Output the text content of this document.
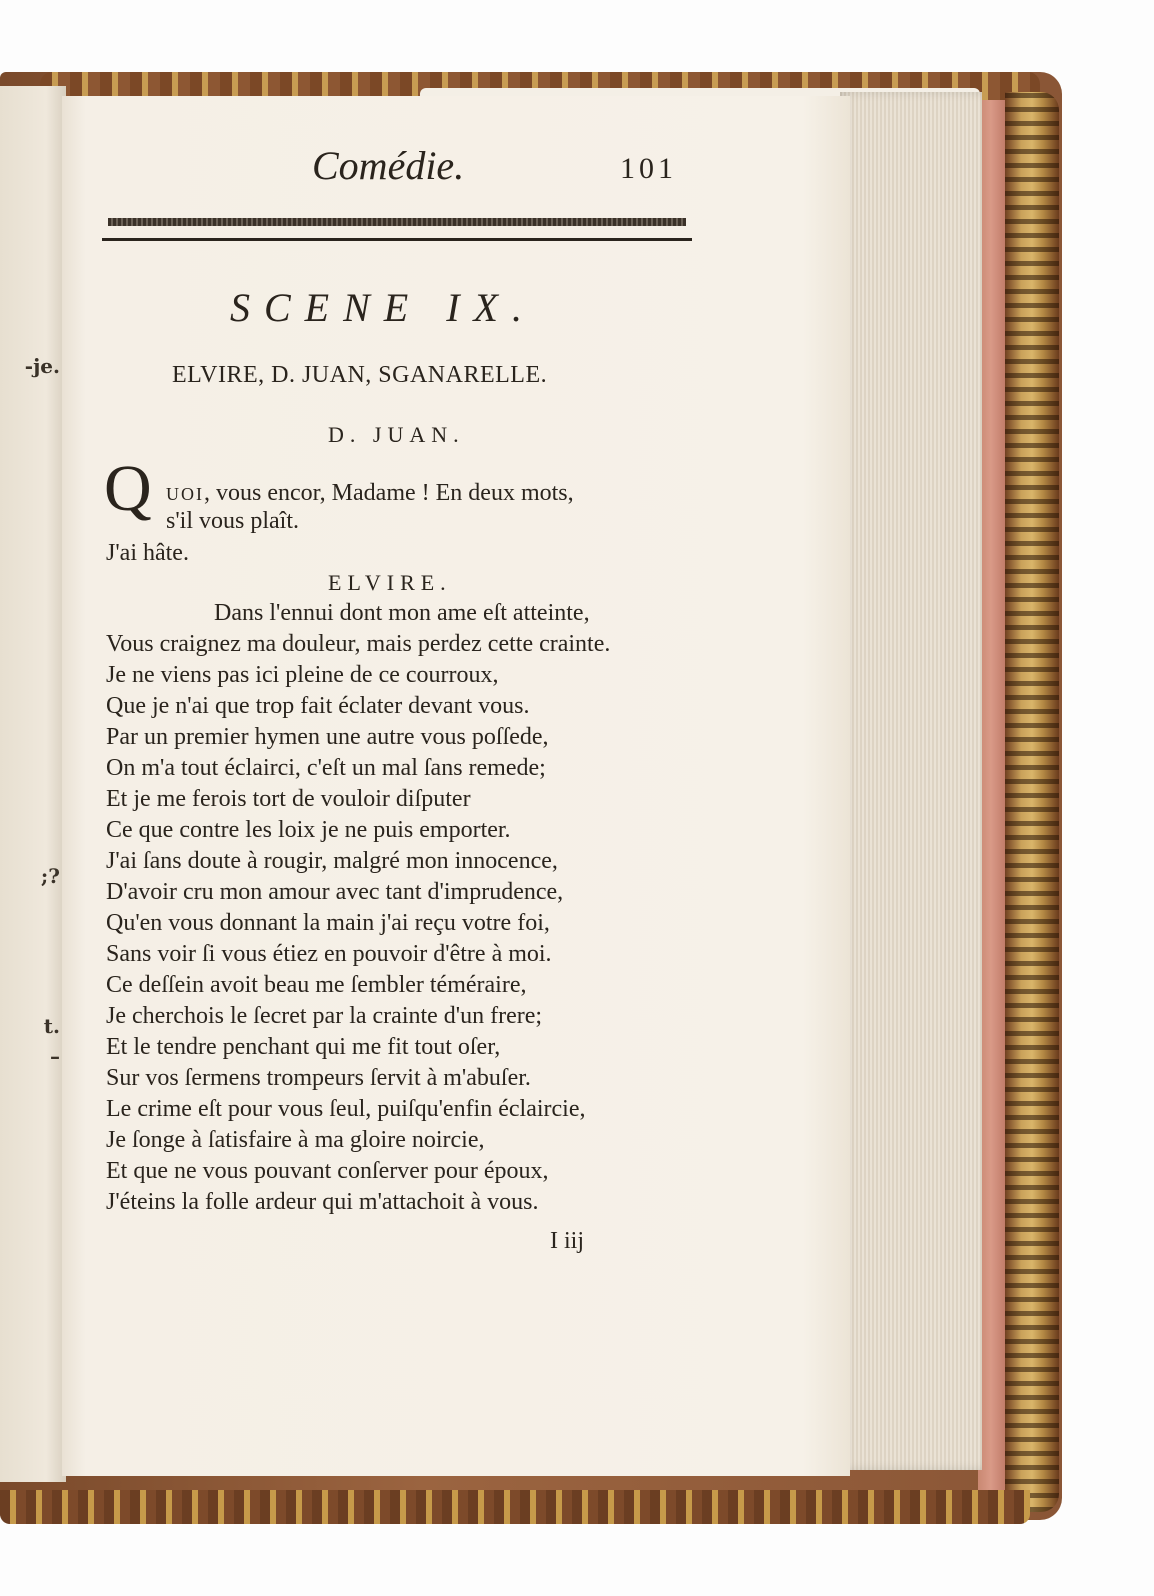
-je.
;?
t.
–
Comédie.	101
SCENE IX.
ELVIRE, D. JUAN, SGANARELLE.
D. JUAN.
Q UOI, vous encor, Madame ! En deux mots,
s'il vous plaît.
J'ai hâte.
ELVIRE.
Dans l'ennui dont mon ame eſt atteinte,
Vous craignez ma douleur, mais perdez cette crainte.
Je ne viens pas ici pleine de ce courroux,
Que je n'ai que trop fait éclater devant vous.
Par un premier hymen une autre vous poſſede,
On m'a tout éclairci, c'eſt un mal ſans remede;
Et je me ferois tort de vouloir diſputer
Ce que contre les loix je ne puis emporter.
J'ai ſans doute à rougir, malgré mon innocence,
D'avoir cru mon amour avec tant d'imprudence,
Qu'en vous donnant la main j'ai reçu votre foi,
Sans voir ſi vous étiez en pouvoir d'être à moi.
Ce deſſein avoit beau me ſembler téméraire,
Je cherchois le ſecret par la crainte d'un frere;
Et le tendre penchant qui me fit tout oſer,
Sur vos ſermens trompeurs ſervit à m'abuſer.
Le crime eſt pour vous ſeul, puiſqu'enfin éclaircie,
Je ſonge à ſatisfaire à ma gloire noircie,
Et que ne vous pouvant conſerver pour époux,
J'éteins la folle ardeur qui m'attachoit à vous.
I iij
